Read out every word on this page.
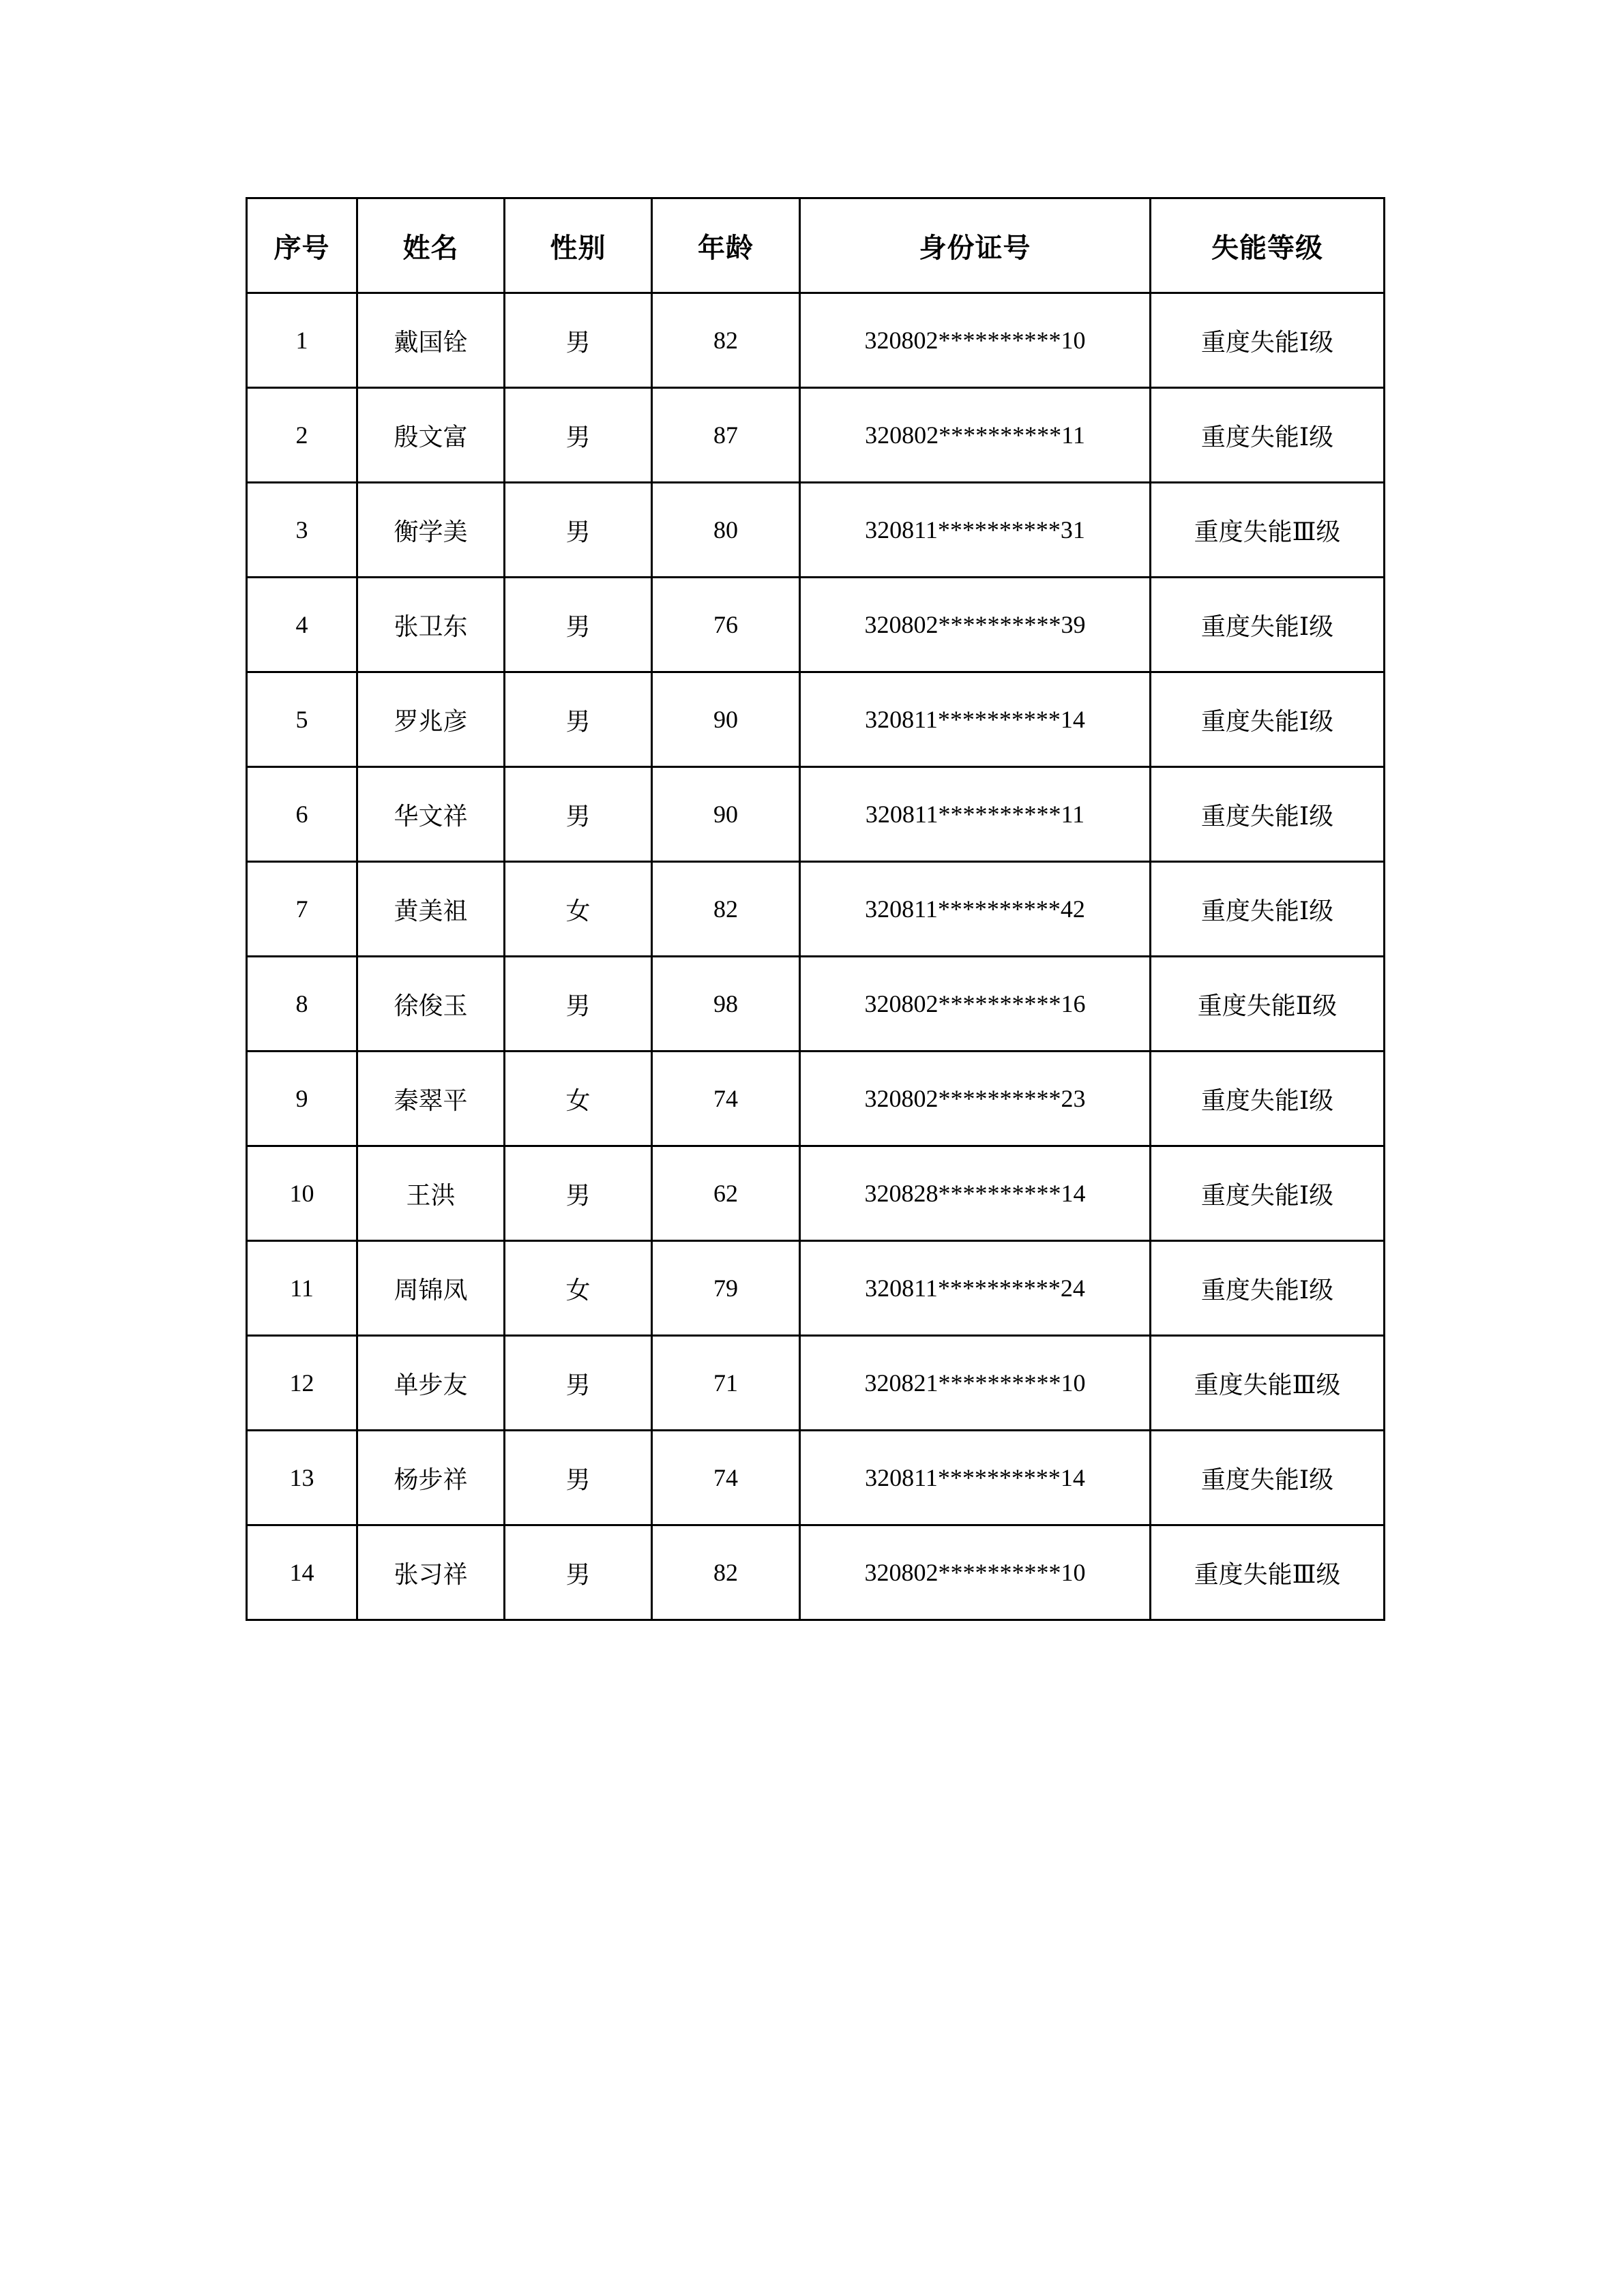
序号	姓名	性别	年龄	身份证号	失能等级
1	戴国铨	男	82	320802**********10	重度失能Ⅰ级
2	殷文富	男	87	320802**********11	重度失能Ⅰ级
3	衡学美	男	80	320811**********31	重度失能Ⅲ级
4	张卫东	男	76	320802**********39	重度失能Ⅰ级
5	罗兆彦	男	90	320811**********14	重度失能Ⅰ级
6	华文祥	男	90	320811**********11	重度失能Ⅰ级
7	黄美祖	女	82	320811**********42	重度失能Ⅰ级
8	徐俊玉	男	98	320802**********16	重度失能Ⅱ级
9	秦翠平	女	74	320802**********23	重度失能Ⅰ级
10	王洪	男	62	320828**********14	重度失能Ⅰ级
11	周锦凤	女	79	320811**********24	重度失能Ⅰ级
12	单步友	男	71	320821**********10	重度失能Ⅲ级
13	杨步祥	男	74	320811**********14	重度失能Ⅰ级
14	张习祥	男	82	320802**********10	重度失能Ⅲ级
